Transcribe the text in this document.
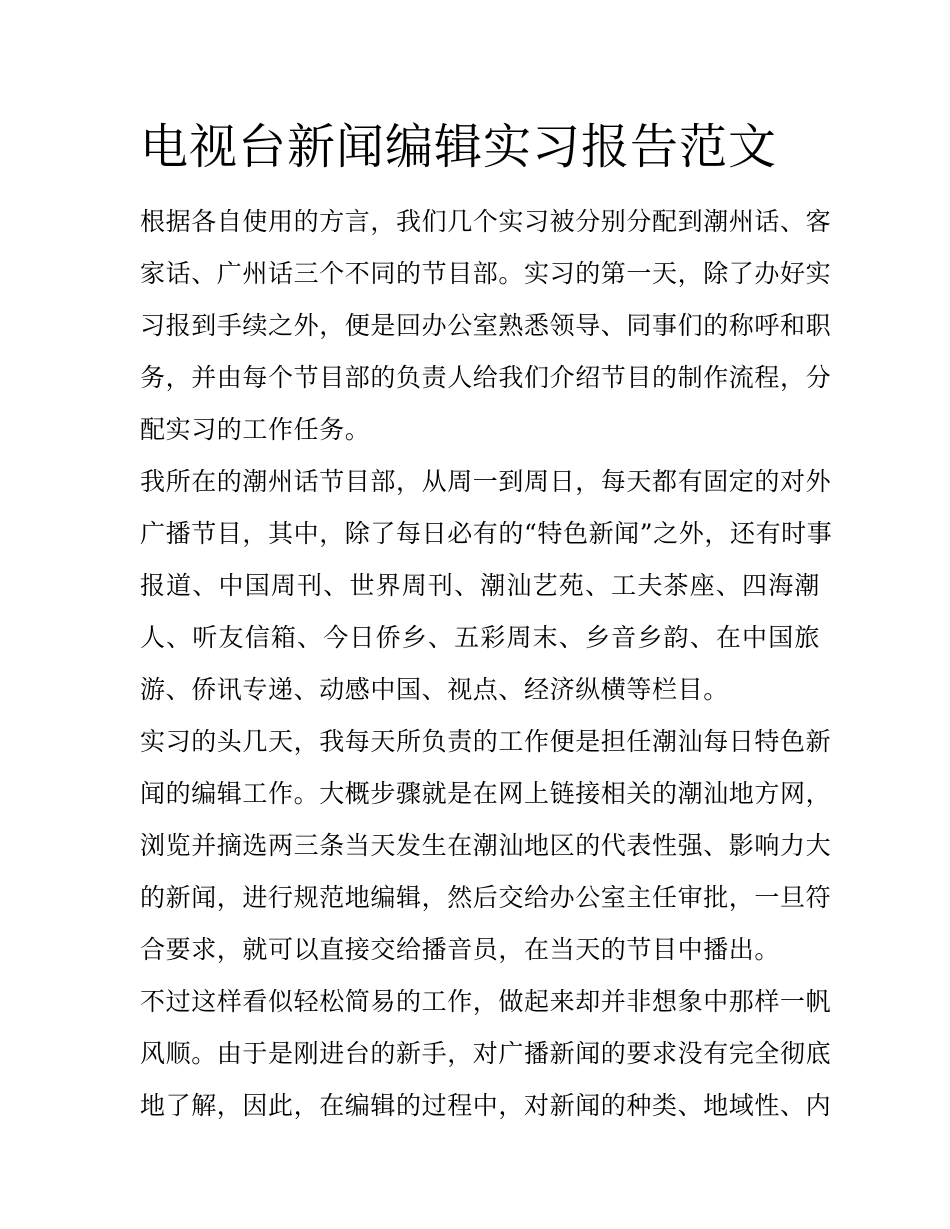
电视台新闻编辑实习报告范文

根据各自使用的方言，我们几个实习被分别分配到潮州话、客
家话、广州话三个不同的节目部。实习的第一天，除了办好实
习报到手续之外，便是回办公室熟悉领导、同事们的称呼和职
务，并由每个节目部的负责人给我们介绍节目的制作流程，分
配实习的工作任务。

我所在的潮州话节目部，从周一到周日，每天都有固定的对外
广播节目，其中，除了每日必有的“特色新闻”之外，还有时事
报道、中国周刊、世界周刊、潮汕艺苑、工夫茶座、四海潮
人、听友信箱、今日侨乡、五彩周末、乡音乡韵、在中国旅
游、侨讯专递、动感中国、视点、经济纵横等栏目。

实习的头几天，我每天所负责的工作便是担任潮汕每日特色新
闻的编辑工作。大概步骤就是在网上链接相关的潮汕地方网，
浏览并摘选两三条当天发生在潮汕地区的代表性强、影响力大
的新闻，进行规范地编辑，然后交给办公室主任审批，一旦符
合要求，就可以直接交给播音员，在当天的节目中播出。

不过这样看似轻松简易的工作，做起来却并非想象中那样一帆
风顺。由于是刚进台的新手，对广播新闻的要求没有完全彻底
地了解，因此，在编辑的过程中，对新闻的种类、地域性、内
